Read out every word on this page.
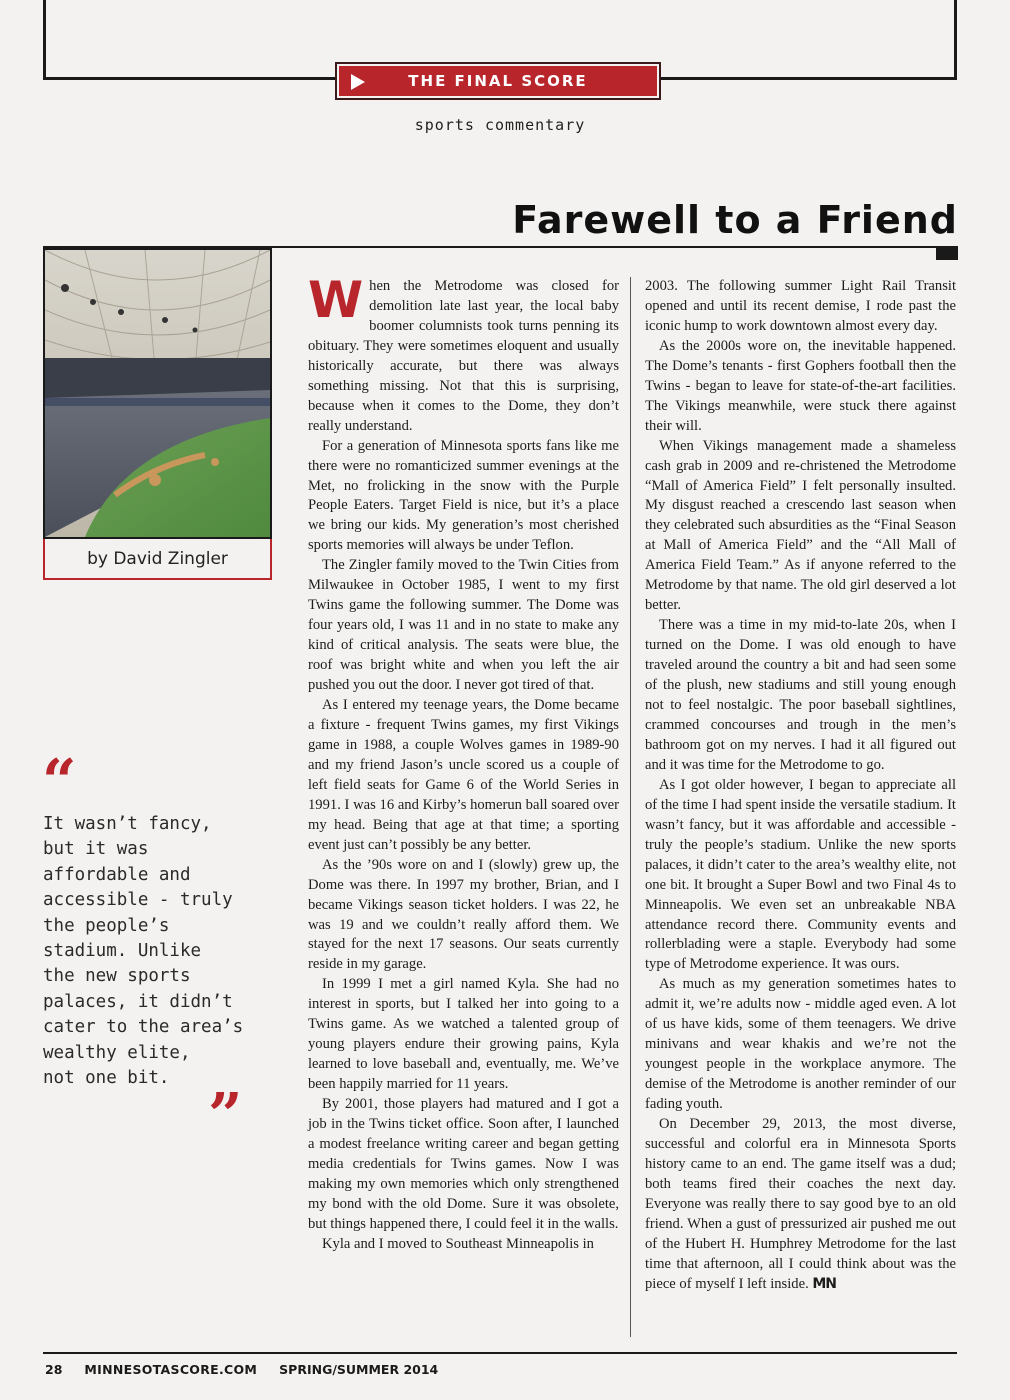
THE FINAL SCORE
sports commentary
Farewell to a Friend
by David Zingler
“
It wasn’t fancy,
but it was
affordable and
accessible - truly
the people’s
stadium. Unlike
the new sports
palaces, it didn’t
cater to the area’s
wealthy elite,
not one bit.
”

When the Metrodome was closed for demolition late last year, the local baby boomer columnists took turns penning its obituary. They were sometimes eloquent and usually historically accurate, but there was always something missing. Not that this is surprising, because when it comes to the Dome, they don’t really understand.

For a generation of Minnesota sports fans like me there were no romanticized summer evenings at the Met, no frolicking in the snow with the Purple People Eaters. Target Field is nice, but it’s a place we bring our kids. My generation’s most cherished sports memories will always be under Teflon.

The Zingler family moved to the Twin Cities from Milwaukee in October 1985, I went to my first Twins game the following summer. The Dome was four years old, I was 11 and in no state to make any kind of critical analysis. The seats were blue, the roof was bright white and when you left the air pushed you out the door. I never got tired of that.

As I entered my teenage years, the Dome became a fixture - frequent Twins games, my first Vikings game in 1988, a couple Wolves games in 1989-90 and my friend Jason’s uncle scored us a couple of left field seats for Game 6 of the World Series in 1991. I was 16 and Kirby’s homerun ball soared over my head. Being that age at that time; a sporting event just can’t possibly be any better.

As the ’90s wore on and I (slowly) grew up, the Dome was there. In 1997 my brother, Brian, and I became Vikings season ticket holders. I was 22, he was 19 and we couldn’t really afford them. We stayed for the next 17 seasons. Our seats currently reside in my garage.

In 1999 I met a girl named Kyla. She had no interest in sports, but I talked her into going to a Twins game. As we watched a talented group of young players endure their growing pains, Kyla learned to love baseball and, eventually, me. We’ve been happily married for 11 years.

By 2001, those players had matured and I got a job in the Twins ticket office. Soon after, I launched a modest freelance writing career and began getting media credentials for Twins games. Now I was making my own memories which only strengthened my bond with the old Dome. Sure it was obsolete, but things happened there, I could feel it in the walls.

Kyla and I moved to Southeast Minneapolis in

2003. The following summer Light Rail Transit opened and until its recent demise, I rode past the iconic hump to work downtown almost every day.

As the 2000s wore on, the inevitable happened. The Dome’s tenants - first Gophers football then the Twins - began to leave for state-of-the-art facilities. The Vikings meanwhile, were stuck there against their will.

When Vikings management made a shameless cash grab in 2009 and re-christened the Metrodome “Mall of America Field” I felt personally insulted. My disgust reached a crescendo last season when they celebrated such absurdities as the “Final Season at Mall of America Field” and the “All Mall of America Field Team.” As if anyone referred to the Metrodome by that name. The old girl deserved a lot better.

There was a time in my mid-to-late 20s, when I turned on the Dome. I was old enough to have traveled around the country a bit and had seen some of the plush, new stadiums and still young enough not to feel nostalgic. The poor baseball sightlines, crammed concourses and trough in the men’s bathroom got on my nerves. I had it all figured out and it was time for the Metrodome to go.

As I got older however, I began to appreciate all of the time I had spent inside the versatile stadium. It wasn’t fancy, but it was affordable and accessible - truly the people’s stadium. Unlike the new sports palaces, it didn’t cater to the area’s wealthy elite, not one bit. It brought a Super Bowl and two Final 4s to Minneapolis. We even set an unbreakable NBA attendance record there. Community events and rollerblading were a staple. Everybody had some type of Metrodome experience. It was ours.

As much as my generation sometimes hates to admit it, we’re adults now - middle aged even. A lot of us have kids, some of them teenagers. We drive minivans and wear khakis and we’re not the youngest people in the workplace anymore. The demise of the Metrodome is another reminder of our fading youth.

On December 29, 2013, the most diverse, successful and colorful era in Minnesota Sports history came to an end. The game itself was a dud; both teams fired their coaches the next day. Everyone was really there to say good bye to an old friend. When a gust of pressurized air pushed me out of the Hubert H. Humphrey Metrodome for the last time that afternoon, all I could think about was the piece of myself I left inside. MN

28 MINNESOTASCORE.COM SPRING/SUMMER 2014
